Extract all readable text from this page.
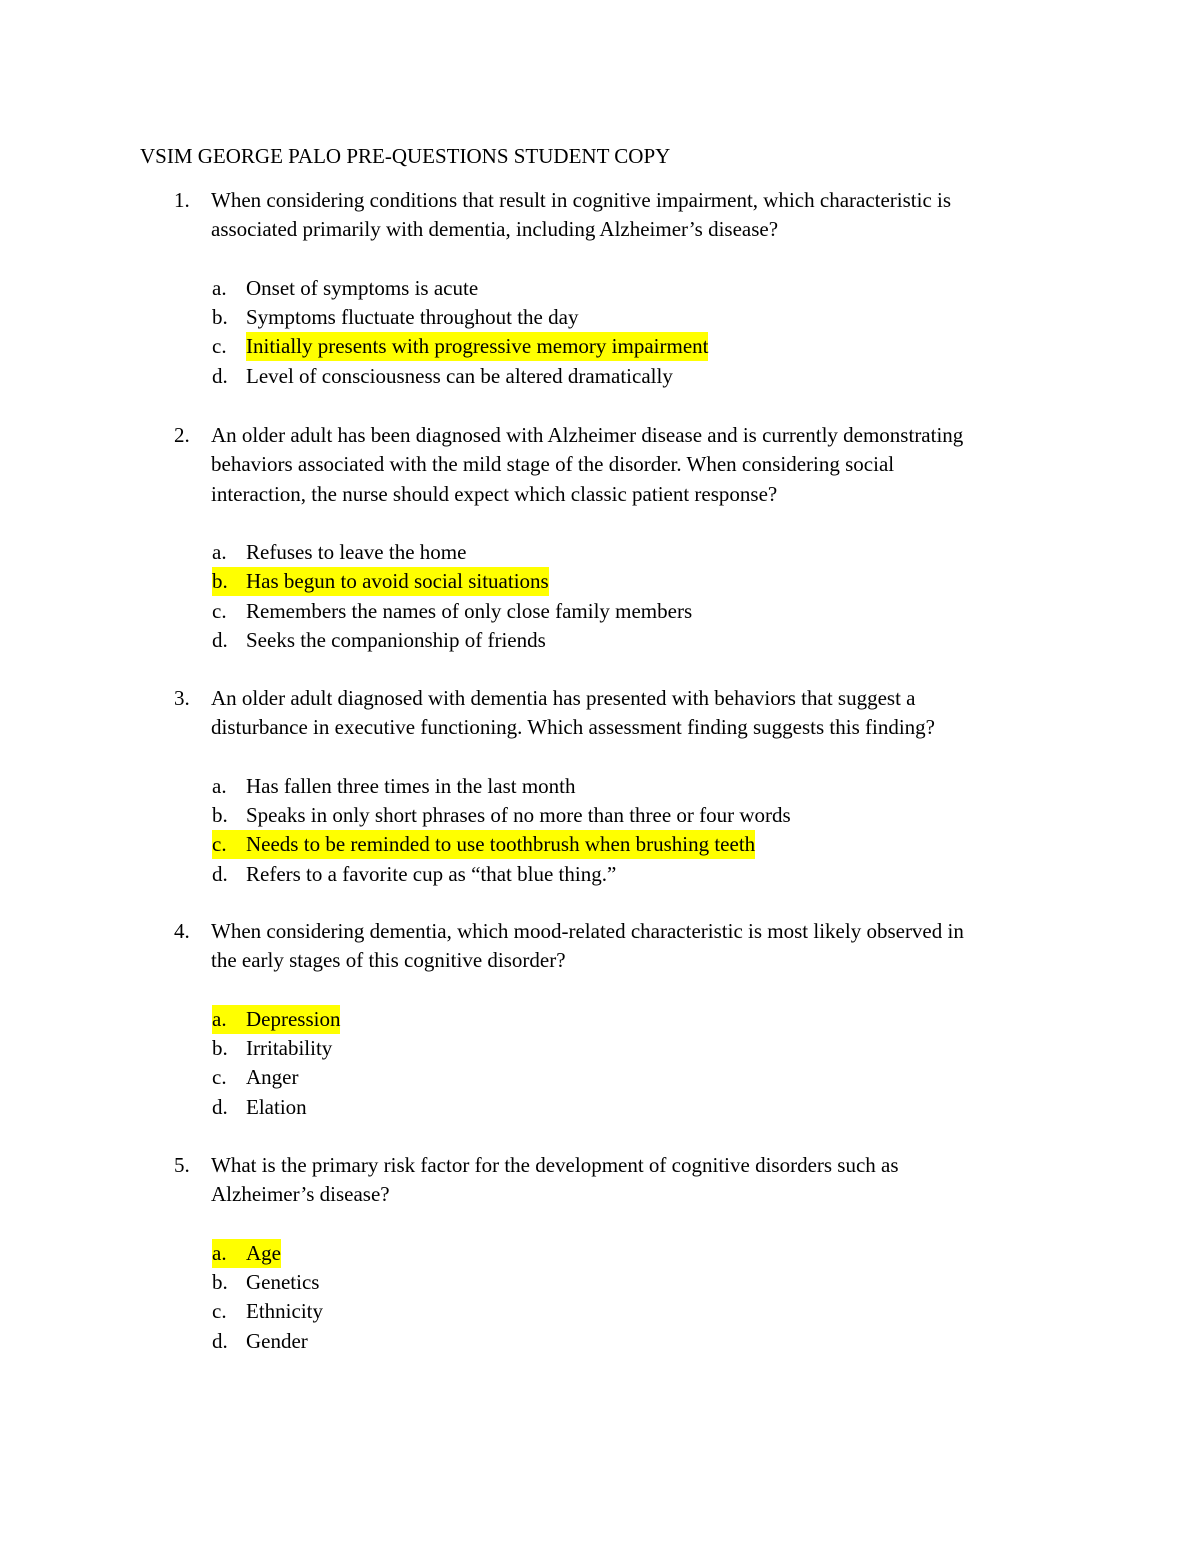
VSIM GEORGE PALO PRE-QUESTIONS STUDENT COPY
1. When considering conditions that result in cognitive impairment, which characteristic is
associated primarily with dementia, including Alzheimer’s disease?
a. Onset of symptoms is acute
b. Symptoms fluctuate throughout the day
c. Initially presents with progressive memory impairment
d. Level of consciousness can be altered dramatically
2. An older adult has been diagnosed with Alzheimer disease and is currently demonstrating
behaviors associated with the mild stage of the disorder. When considering social
interaction, the nurse should expect which classic patient response?
a. Refuses to leave the home
b. Has begun to avoid social situations
c. Remembers the names of only close family members
d. Seeks the companionship of friends
3. An older adult diagnosed with dementia has presented with behaviors that suggest a
disturbance in executive functioning. Which assessment finding suggests this finding?
a. Has fallen three times in the last month
b. Speaks in only short phrases of no more than three or four words
c. Needs to be reminded to use toothbrush when brushing teeth
d. Refers to a favorite cup as “that blue thing.”
4. When considering dementia, which mood-related characteristic is most likely observed in
the early stages of this cognitive disorder?
a. Depression
b. Irritability
c. Anger
d. Elation
5. What is the primary risk factor for the development of cognitive disorders such as
Alzheimer’s disease?
a. Age
b. Genetics
c. Ethnicity
d. Gender
